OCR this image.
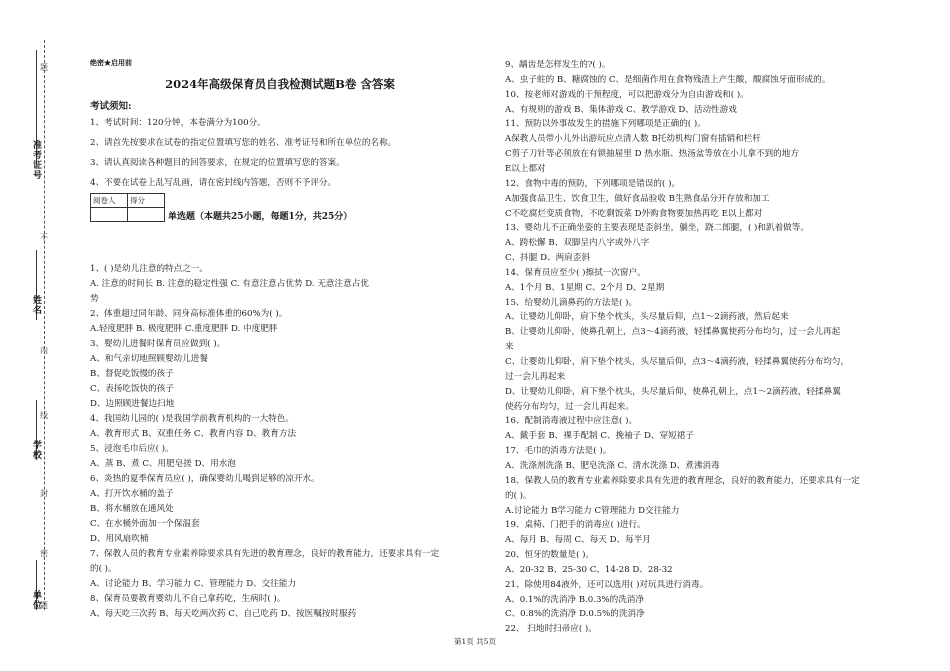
准考证号
姓名
学校
单位
题
不
内
线
封
密
题
绝密★启用前
2024年高级保育员自我检测试题B卷 含答案
考试须知:
1、考试时间：120分钟，本卷满分为100分。
2、请首先按要求在试卷的指定位置填写您的姓名、准考证号和所在单位的名称。
3、请认真阅读各种题目的回答要求，在规定的位置填写您的答案。
4、不要在试卷上乱写乱画，请在密封线内答题，否则不予评分。
阅卷人	得分

单选题（本题共25小题，每题1分，共25分）
1、( )是幼儿注意的特点之一。
A. 注意的时间长 B. 注意的稳定性强 C. 有意注意占优势 D. 无意注意占优
势
2、体重超过同年龄、同身高标准体重的60%为( )。
A.轻度肥胖 B. 极度肥胖 C.重度肥胖 D. 中度肥胖
3、婴幼儿进餐时保育员应做到( )。
A、和气亲切地照顾婴幼儿进餐
B、督促吃饭慢的孩子
C、表扬吃饭快的孩子
D、边照顾进餐边扫地
4、我国幼儿园的( )是我国学前教育机构的一大特色。
A、教育形式 B、双重任务 C、教育内容 D、教育方法
5、浸泡毛巾后应( )。
A、蒸 B、煮 C、用肥皂搓 D、用水泡
6、炎热的夏季保育员应( )，确保婴幼儿喝到足够的凉开水。
A、打开饮水桶的盖子
B、将水桶放在通风处
C、在水桶外面加一个保温套
D、用风扇吹桶
7、保教人员的教育专业素养除要求具有先进的教育理念，良好的教育能力，还要求具有一定
的( )。
A、讨论能力 B、学习能力 C、管理能力 D、交往能力
8、保育员要教育婴幼儿不自己拿药吃，生病时( )。
A、每天吃三次药 B、每天吃两次药 C、自己吃药 D、按医嘱按时服药
9、龋齿是怎样发生的?( )。
A、虫子蛀的 B、糖腐蚀的 C、是细菌作用在食物残渣上产生酸，酸腐蚀牙面形成的。
10、按老师对游戏的干预程度，可以把游戏分为自由游戏和( )。
A、有规则的游戏 B、集体游戏 C、教学游戏 D、活动性游戏
11、预防以外事故发生的措施下列哪项是正确的( )。
A保教人员带小儿外出游玩应点清人数 B托幼机构门窗有插销和栏杆
C剪子刀针等必须放在有锁抽屉里 D 热水瓶、热汤盆等放在小儿拿不到的地方
E以上都对
12、食物中毒的预防，下列哪项是错误的( )。
A加强食品卫生、饮食卫生，做好食品验收 B生熟食品分开存放和加工
C不吃腐烂变质食物，不吃剩饭菜 D外购食物要加热再吃 E以上都对
13、婴幼儿不正确坐姿的主要表现是歪斜坐，躺坐，跷二郎腿，( )和趴着做等。
A、跨松懈 B、双脚呈内八字或外八字
C、抖腿 D、两肩歪斜
14、保育员应至少( )擦拭一次窗户。
A、1个月 B、1星期 C、2个月 D、2星期
15、给婴幼儿滴鼻药的方法是( )。
A、让婴幼儿仰卧，肩下垫个枕头，头尽量后仰，点1～2滴药液，然后起来
B、让婴幼儿仰卧，使鼻孔朝上，点3～4滴药液，轻揉鼻翼使药分布均匀，过一会儿再起
来
C、让婴幼儿仰卧，肩下垫个枕头，头尽量后仰，点3～4滴药液，轻揉鼻翼使药分布均匀，
过一会儿再起来
D、让婴幼儿仰卧，肩下垫个枕头，头尽量后仰，使鼻孔朝上，点1～2滴药液，轻揉鼻翼
使药分布均匀，过一会儿再起来。
16、配制消毒液过程中应注意( )。
A、戴手套 B、裸手配制 C、挽袖子 D、穿短裙子
17、毛巾的消毒方法是( )。
A、洗涤剂洗涤 B、肥皂洗涤 C、清水洗涤 D、煮沸消毒
18、保教人员的教育专业素养除要求具有先进的教育理念，良好的教育能力，还要求具有一定
的( )。
A.讨论能力 B学习能力 C管理能力 D交往能力
19、桌椅、门把手的消毒应( )进行。
A、每月 B、每周 C、每天 D、每半月
20、恒牙的数量是( )。
A、20-32 B、25-30 C、14-28 D、28-32
21、除使用84液外，还可以选用( )对玩具进行消毒。
A、0.1%的洗消净 B.0.3%的洗消净
C、0.8%的洗消净 D.0.5%的洗消净
22、 扫地时扫帚应( )。
第1页 共5页
